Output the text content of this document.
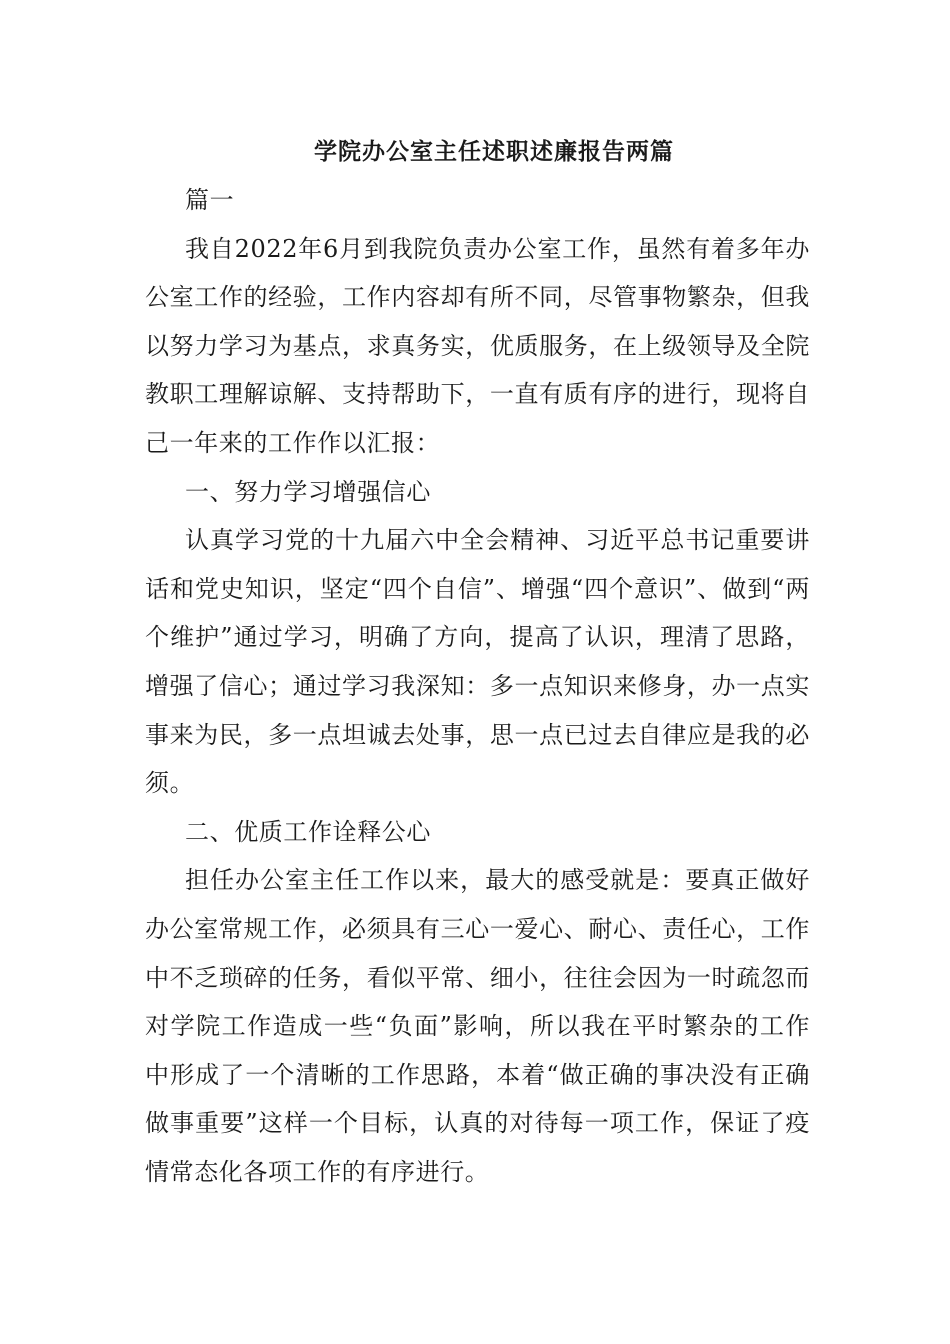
学院办公室主任述职述廉报告两篇

篇一

我自2022年6月到我院负责办公室工作，虽然有着多年办公室工作的经验，工作内容却有所不同，尽管事物繁杂，但我以努力学习为基点，求真务实，优质服务，在上级领导及全院教职工理解谅解、支持帮助下，一直有质有序的进行，现将自己一年来的工作作以汇报：

一、努力学习增强信心

认真学习党的十九届六中全会精神、习近平总书记重要讲话和党史知识，坚定“四个自信”、增强“四个意识”、做到“两个维护”通过学习，明确了方向，提高了认识，理清了思路，增强了信心；通过学习我深知：多一点知识来修身，办一点实事来为民，多一点坦诚去处事，思一点已过去自律应是我的必须。

二、优质工作诠释公心

担任办公室主任工作以来，最大的感受就是：要真正做好办公室常规工作，必须具有三心一爱心、耐心、责任心，工作中不乏琐碎的任务，看似平常、细小，往往会因为一时疏忽而对学院工作造成一些“负面”影响，所以我在平时繁杂的工作中形成了一个清晰的工作思路，本着“做正确的事决没有正确做事重要”这样一个目标，认真的对待每一项工作，保证了疫情常态化各项工作的有序进行。
